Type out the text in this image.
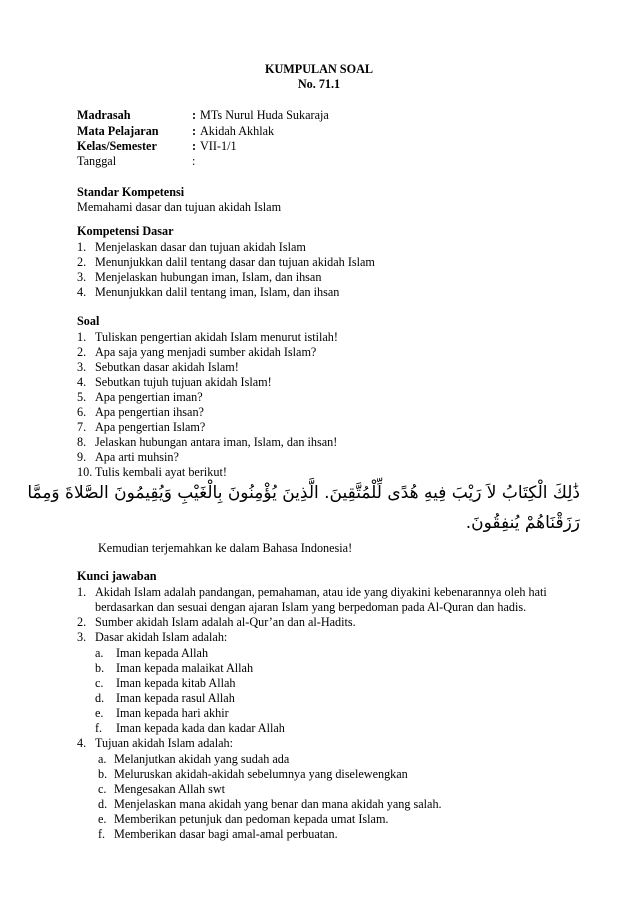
KUMPULAN SOAL
No. 71.1
Madrasah	: MTs Nurul Huda Sukaraja
Mata Pelajaran	: Akidah Akhlak
Kelas/Semester	: VII-1/1
Tanggal	:
Standar Kompetensi
Memahami dasar dan tujuan akidah Islam
Kompetensi Dasar
1. Menjelaskan dasar dan tujuan akidah Islam
2. Menunjukkan dalil tentang dasar dan tujuan akidah Islam
3. Menjelaskan hubungan iman, Islam, dan ihsan
4. Menunjukkan dalil tentang iman, Islam, dan ihsan
Soal
1. Tuliskan pengertian akidah Islam menurut istilah!
2. Apa saja yang menjadi sumber akidah Islam?
3. Sebutkan dasar akidah Islam!
4. Sebutkan tujuh tujuan akidah Islam!
5. Apa pengertian iman?
6. Apa pengertian ihsan?
7. Apa pengertian Islam?
8. Jelaskan hubungan antara iman, Islam, dan ihsan!
9. Apa arti muhsin?
10. Tulis kembali ayat berikut!
ذَٰلِكَ الْكِتَابُ لاَ رَيْبَ فِيهِ هُدًى لِّلْمُتَّقِينَ. الَّذِينَ يُؤْمِنُونَ بِالْغَيْبِ وَيُقِيمُونَ الصَّلاةَ وَمِمَّا
رَزَقْنَاهُمْ يُنفِقُونَ.
Kemudian terjemahkan ke dalam Bahasa Indonesia!
Kunci jawaban
1. Akidah Islam adalah pandangan, pemahaman, atau ide yang diyakini kebenarannya oleh hati
berdasarkan dan sesuai dengan ajaran Islam yang berpedoman pada Al-Quran dan hadis.
2. Sumber akidah Islam adalah al-Qur’an dan al-Hadits.
3. Dasar akidah Islam adalah:
a. Iman kepada Allah
b. Iman kepada malaikat Allah
c. Iman kepada kitab Allah
d. Iman kepada rasul Allah
e. Iman kepada hari akhir
f. Iman kepada kada dan kadar Allah
4. Tujuan akidah Islam adalah:
a. Melanjutkan akidah yang sudah ada
b. Meluruskan akidah-akidah sebelumnya yang diselewengkan
c. Mengesakan Allah swt
d. Menjelaskan mana akidah yang benar dan mana akidah yang salah.
e. Memberikan petunjuk dan pedoman kepada umat Islam.
f. Memberikan dasar bagi amal-amal perbuatan.
